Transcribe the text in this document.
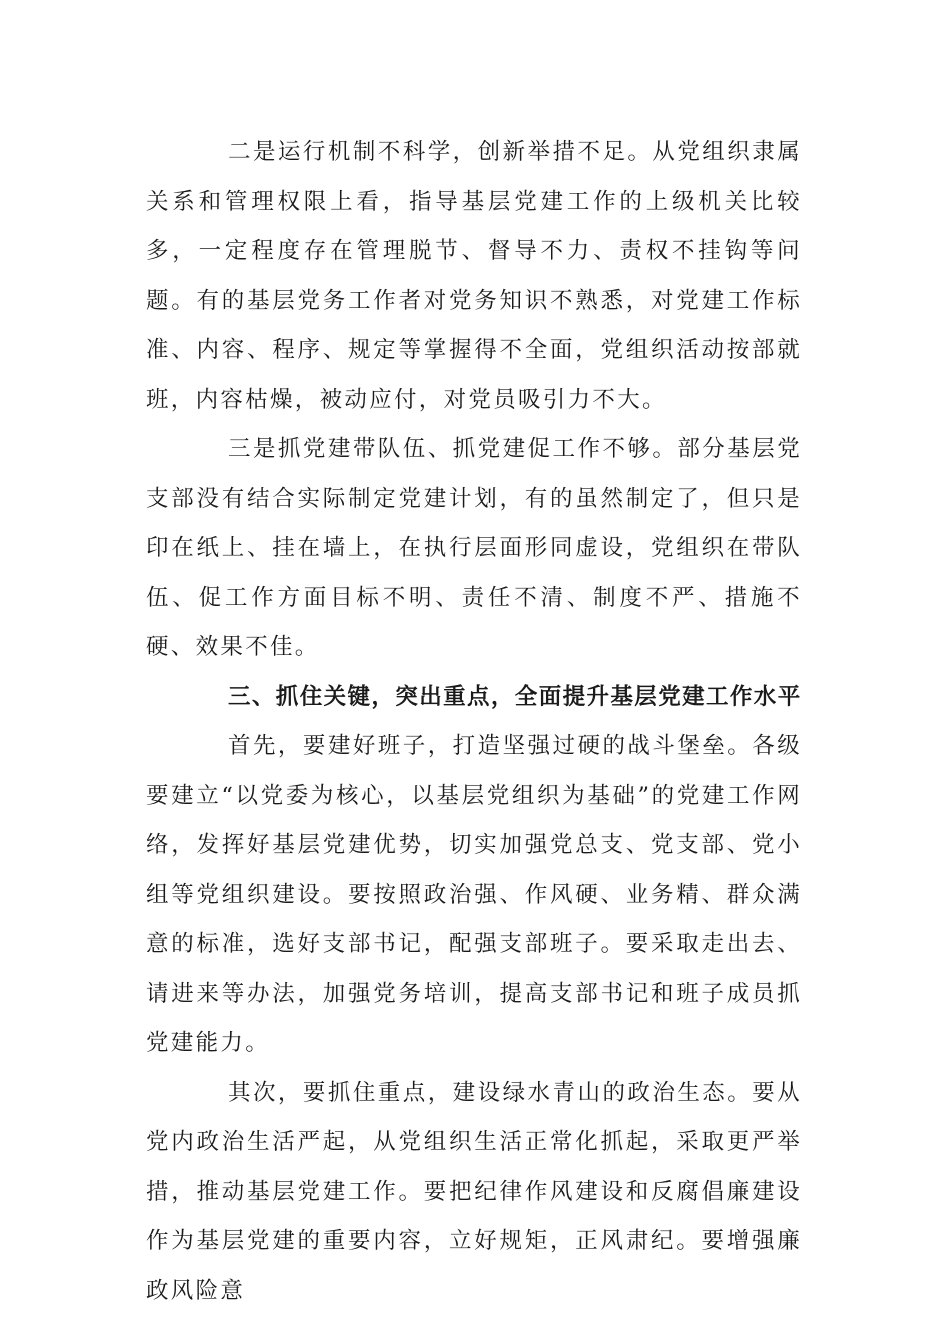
二是运行机制不科学，创新举措不足。从党组织隶属关系和管理权限上看，指导基层党建工作的上级机关比较多，一定程度存在管理脱节、督导不力、责权不挂钩等问题。有的基层党务工作者对党务知识不熟悉，对党建工作标准、内容、程序、规定等掌握得不全面，党组织活动按部就班，内容枯燥，被动应付，对党员吸引力不大。

三是抓党建带队伍、抓党建促工作不够。部分基层党支部没有结合实际制定党建计划，有的虽然制定了，但只是印在纸上、挂在墙上，在执行层面形同虚设，党组织在带队伍、促工作方面目标不明、责任不清、制度不严、措施不硬、效果不佳。

三、抓住关键，突出重点，全面提升基层党建工作水平

首先，要建好班子，打造坚强过硬的战斗堡垒。各级要建立“以党委为核心，以基层党组织为基础”的党建工作网络，发挥好基层党建优势，切实加强党总支、党支部、党小组等党组织建设。要按照政治强、作风硬、业务精、群众满意的标准，选好支部书记，配强支部班子。要采取走出去、请进来等办法，加强党务培训，提高支部书记和班子成员抓党建能力。

其次，要抓住重点，建设绿水青山的政治生态。要从党内政治生活严起，从党组织生活正常化抓起，采取更严举措，推动基层党建工作。要把纪律作风建设和反腐倡廉建设作为基层党建的重要内容，立好规矩，正风肃纪。要增强廉政风险意
